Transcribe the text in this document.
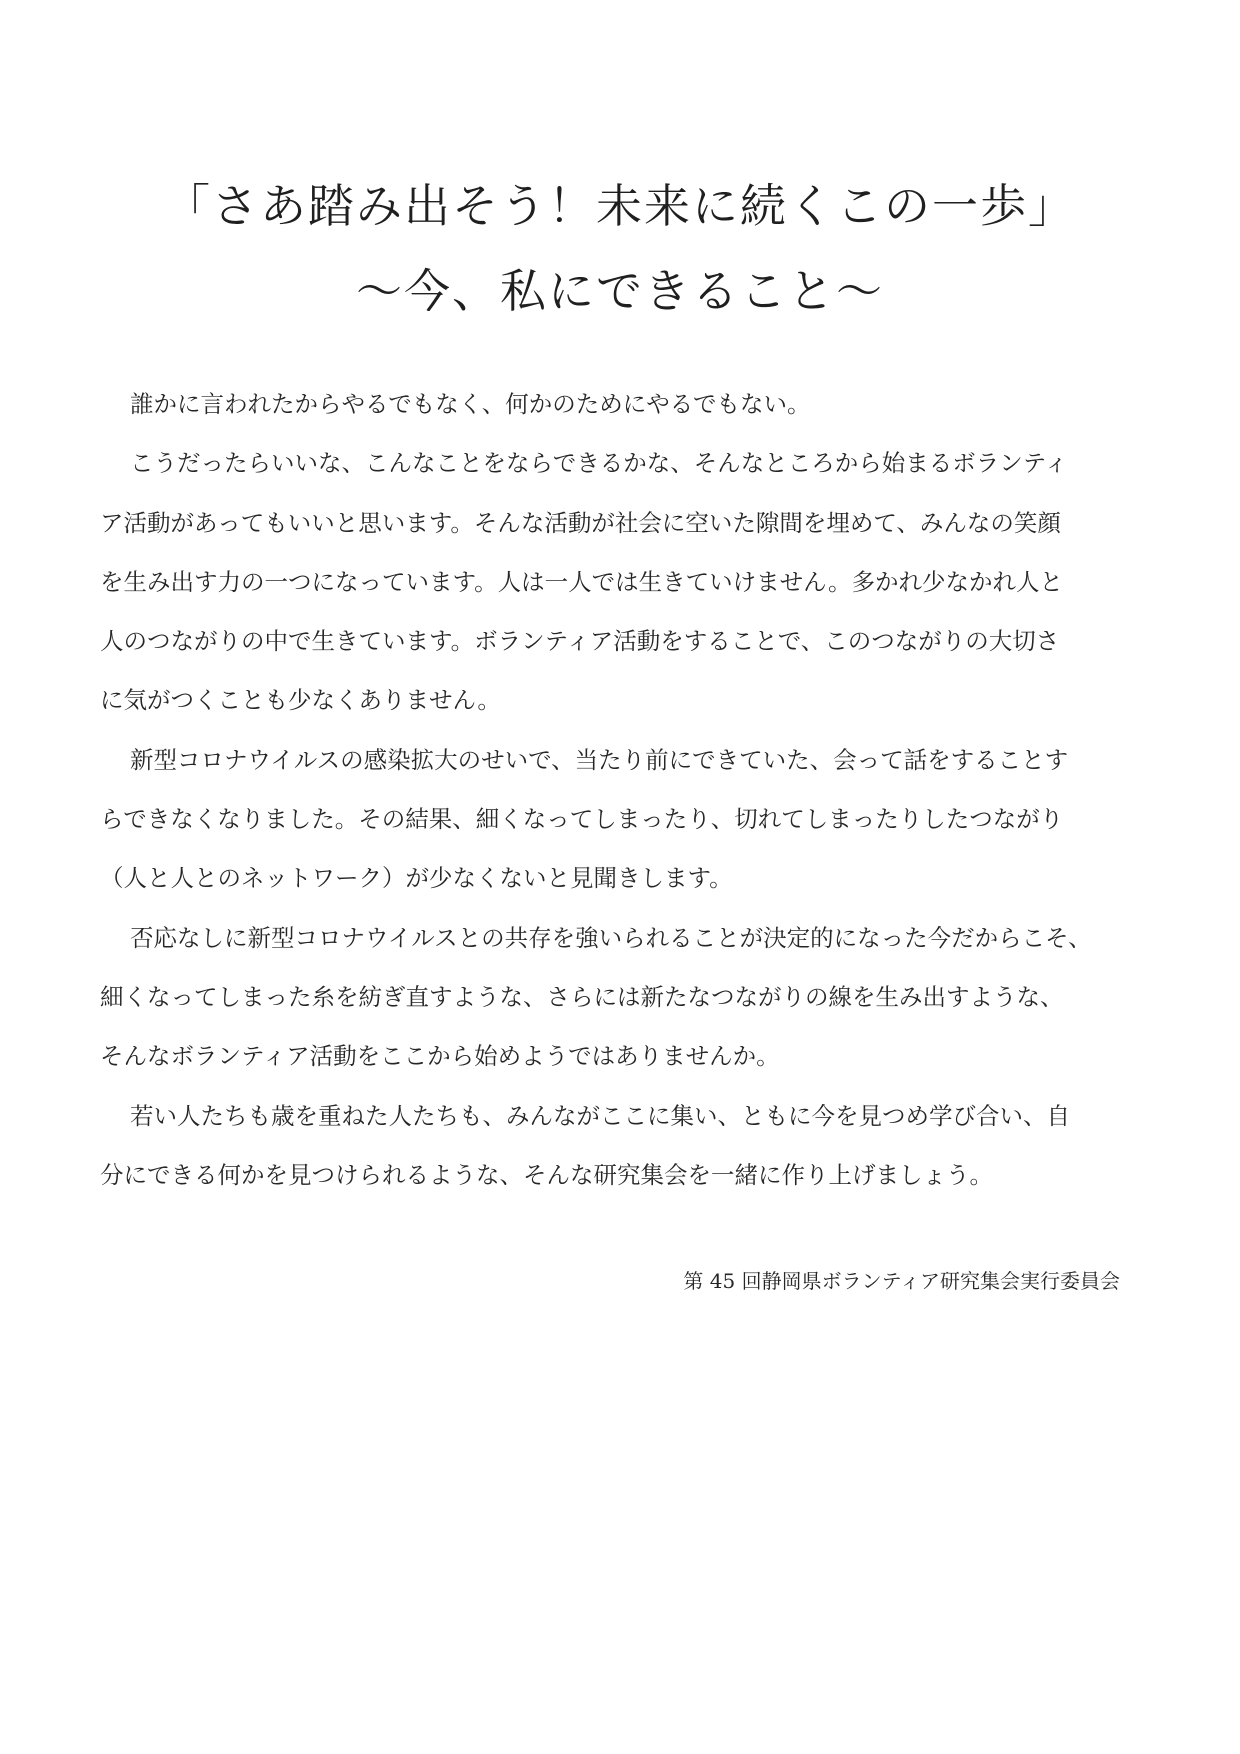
「さあ踏み出そう！未来に続くこの一歩」
〜今、私にできること〜
誰かに言われたからやるでもなく、何かのためにやるでもない。
こうだったらいいな、こんなことをならできるかな、そんなところから始まるボランティ
ア活動があってもいいと思います。そんな活動が社会に空いた隙間を埋めて、みんなの笑顔
を生み出す力の一つになっています。人は一人では生きていけません。多かれ少なかれ人と
人のつながりの中で生きています。ボランティア活動をすることで、このつながりの大切さ
に気がつくことも少なくありません。
新型コロナウイルスの感染拡大のせいで、当たり前にできていた、会って話をすることす
らできなくなりました。その結果、細くなってしまったり、切れてしまったりしたつながり
（人と人とのネットワーク）が少なくないと見聞きします。
否応なしに新型コロナウイルスとの共存を強いられることが決定的になった今だからこそ、
細くなってしまった糸を紡ぎ直すような、さらには新たなつながりの線を生み出すような、
そんなボランティア活動をここから始めようではありませんか。
若い人たちも歳を重ねた人たちも、みんながここに集い、ともに今を見つめ学び合い、自
分にできる何かを見つけられるような、そんな研究集会を一緒に作り上げましょう。
第 45 回静岡県ボランティア研究集会実行委員会
